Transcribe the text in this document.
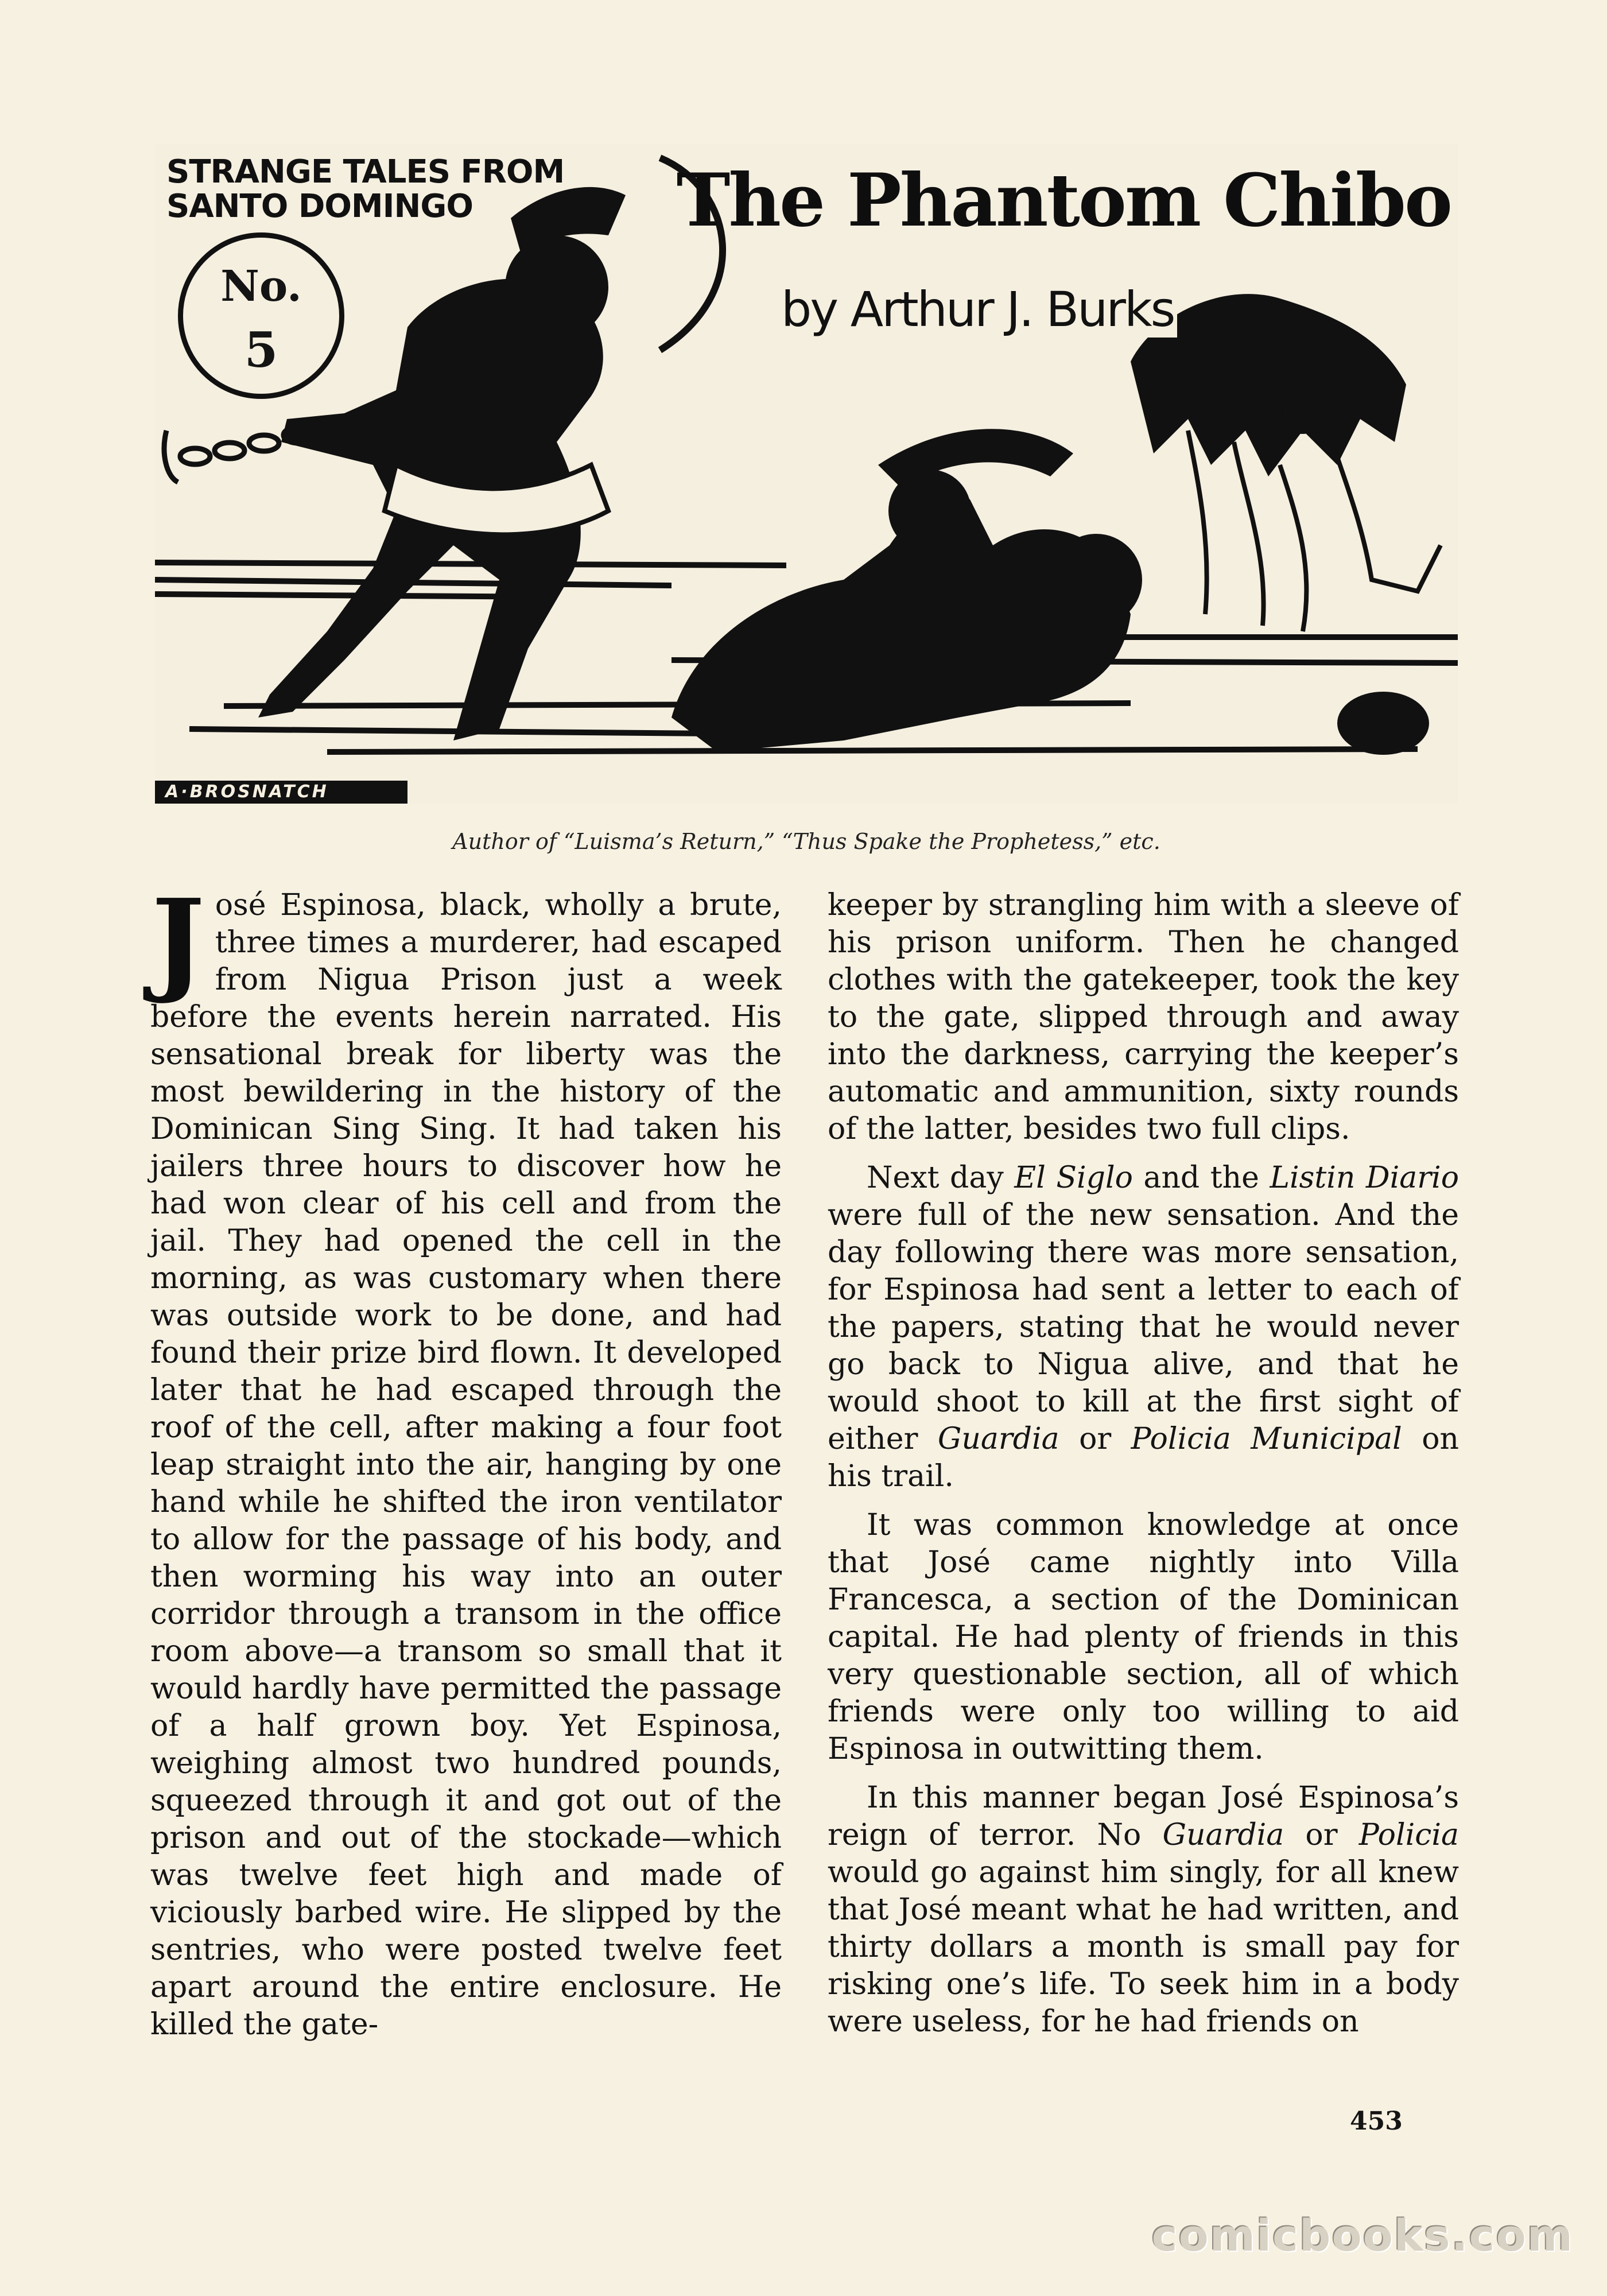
STRANGE TALES FROM
SANTO DOMINGO
No.
5
The Phantom Chibo
by Arthur J. Burks
A·BROSNATCH
Author of “Luisma’s Return,” “Thus Spake the Prophetess,” etc.

José Espinosa, black, wholly a brute, three times a murderer, had escaped from Nigua Prison just a week before the events herein narrated. His sensational break for liberty was the most bewildering in the history of the Dominican Sing Sing. It had taken his jailers three hours to discover how he had won clear of his cell and from the jail. They had opened the cell in the morning, as was customary when there was outside work to be done, and had found their prize bird flown. It developed later that he had escaped through the roof of the cell, after making a four foot leap straight into the air, hanging by one hand while he shifted the iron ventilator to allow for the passage of his body, and then worming his way into an outer corridor through a transom in the office room above—a transom so small that it would hardly have permitted the passage of a half grown boy. Yet Espinosa, weighing almost two hundred pounds, squeezed through it and got out of the prison and out of the stockade—which was twelve feet high and made of viciously barbed wire. He slipped by the sentries, who were posted twelve feet apart around the entire enclosure. He killed the gate-

keeper by strangling him with a sleeve of his prison uniform. Then he changed clothes with the gatekeeper, took the key to the gate, slipped through and away into the darkness, carrying the keeper’s automatic and ammunition, sixty rounds of the latter, besides two full clips.

Next day El Siglo and the Listin Diario were full of the new sensation. And the day following there was more sensation, for Espinosa had sent a letter to each of the papers, stating that he would never go back to Nigua alive, and that he would shoot to kill at the first sight of either Guardia or Policia Municipal on his trail.

It was common knowledge at once that José came nightly into Villa Francesca, a section of the Dominican capital. He had plenty of friends in this very questionable section, all of which friends were only too willing to aid Espinosa in outwitting them.

In this manner began José Espinosa’s reign of terror. No Guardia or Policia would go against him singly, for all knew that José meant what he had written, and thirty dollars a month is small pay for risking one’s life. To seek him in a body were useless, for he had friends on

453
comicbooks.com
